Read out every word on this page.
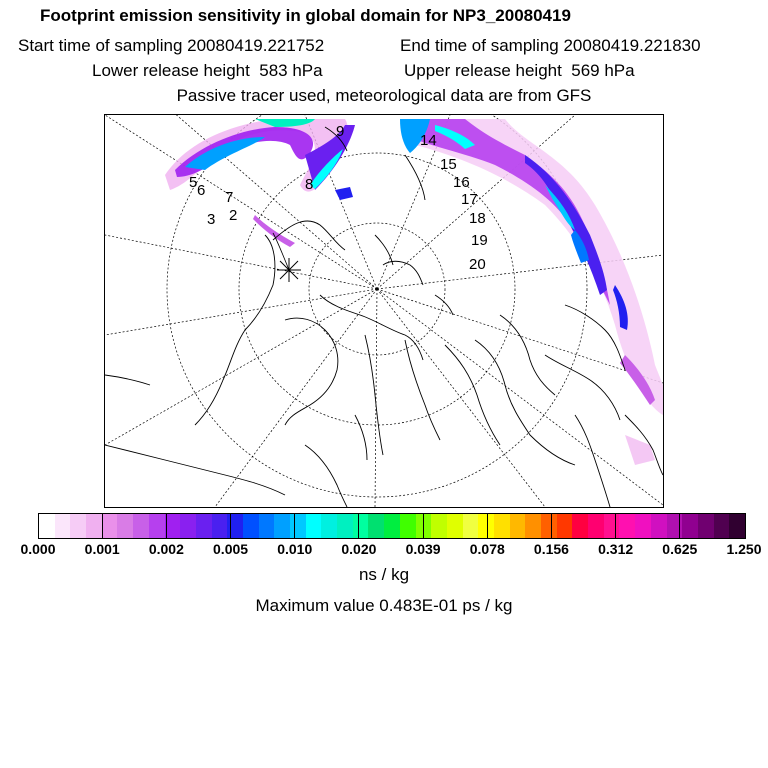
Footprint emission sensitivity in global domain for NP3_20080419
Start time of sampling 20080419.221752	End time of sampling 20080419.221830
Lower release height  583 hPa	Upper release height  569 hPa
Passive tracer used, meteorological data are from GFS
2
3
5 6 7
8
9
14
15
16
17
18
19
20
ns / kg
Maximum value 0.483E-01 ps / kg
0.000 0.001 0.002 0.005 0.010 0.020 0.039 0.078 0.156 0.312 0.625 1.250
